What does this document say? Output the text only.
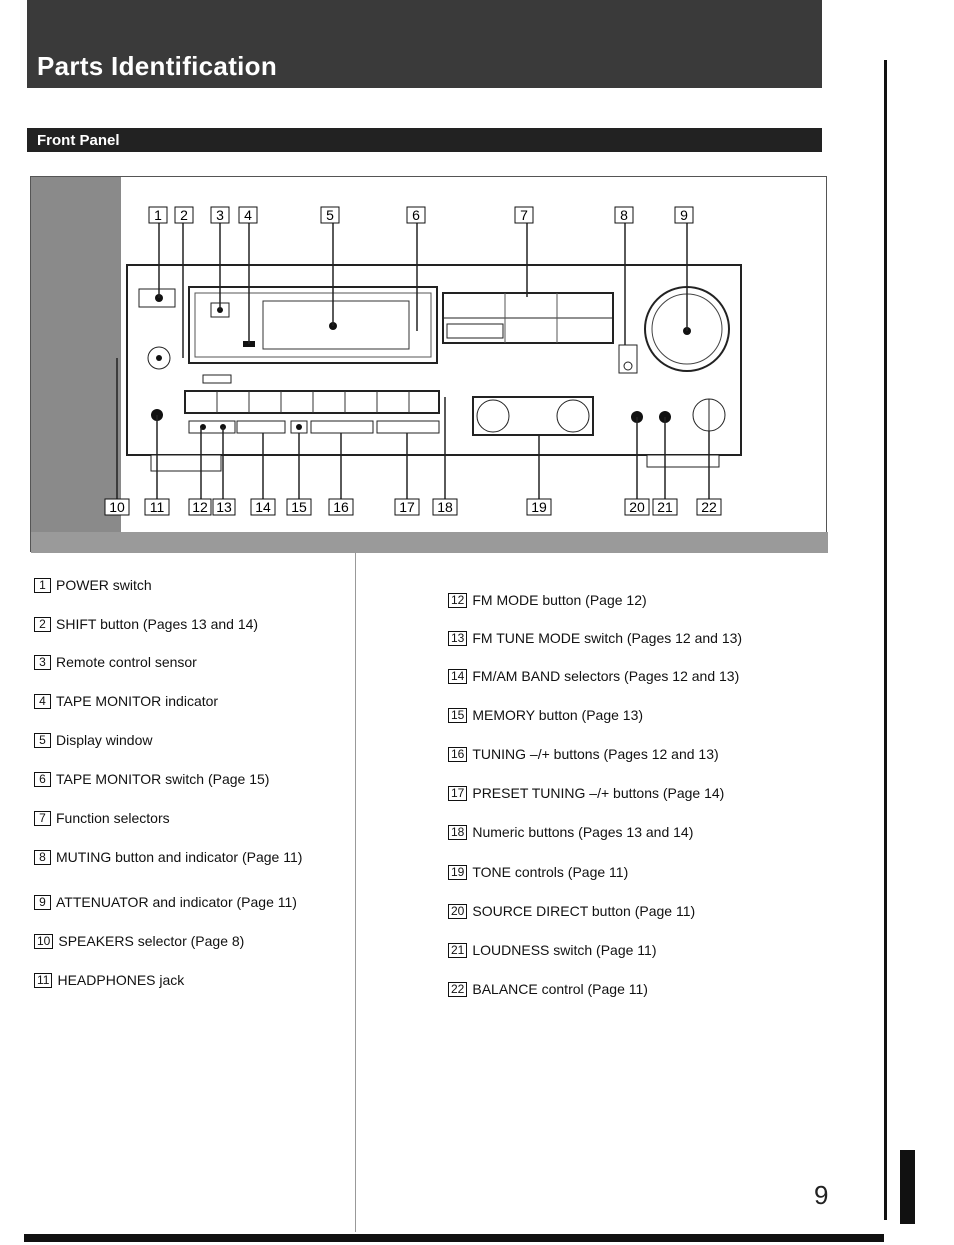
Parts Identification
Front Panel
1 2 3 4	5	6	7	8	9
10 11 12 13 14 15 16	17 18	19	20 21 22
1 POWER switch
2 SHIFT button (Pages 13 and 14)
3 Remote control sensor
4 TAPE MONITOR indicator
5 Display window
6 TAPE MONITOR switch (Page 15)
7 Function selectors
8 MUTING button and indicator (Page 11)
9 ATTENUATOR and indicator (Page 11)
10 SPEAKERS selector (Page 8)
11 HEADPHONES jack
12 FM MODE button (Page 12)
13 FM TUNE MODE switch (Pages 12 and 13)
14 FM/AM BAND selectors (Pages 12 and 13)
15 MEMORY button (Page 13)
16 TUNING –/+ buttons (Pages 12 and 13)
17 PRESET TUNING –/+ buttons (Page 14)
18 Numeric buttons (Pages 13 and 14)
19 TONE controls (Page 11)
20 SOURCE DIRECT button (Page 11)
21 LOUDNESS switch (Page 11)
22 BALANCE control (Page 11)
9
